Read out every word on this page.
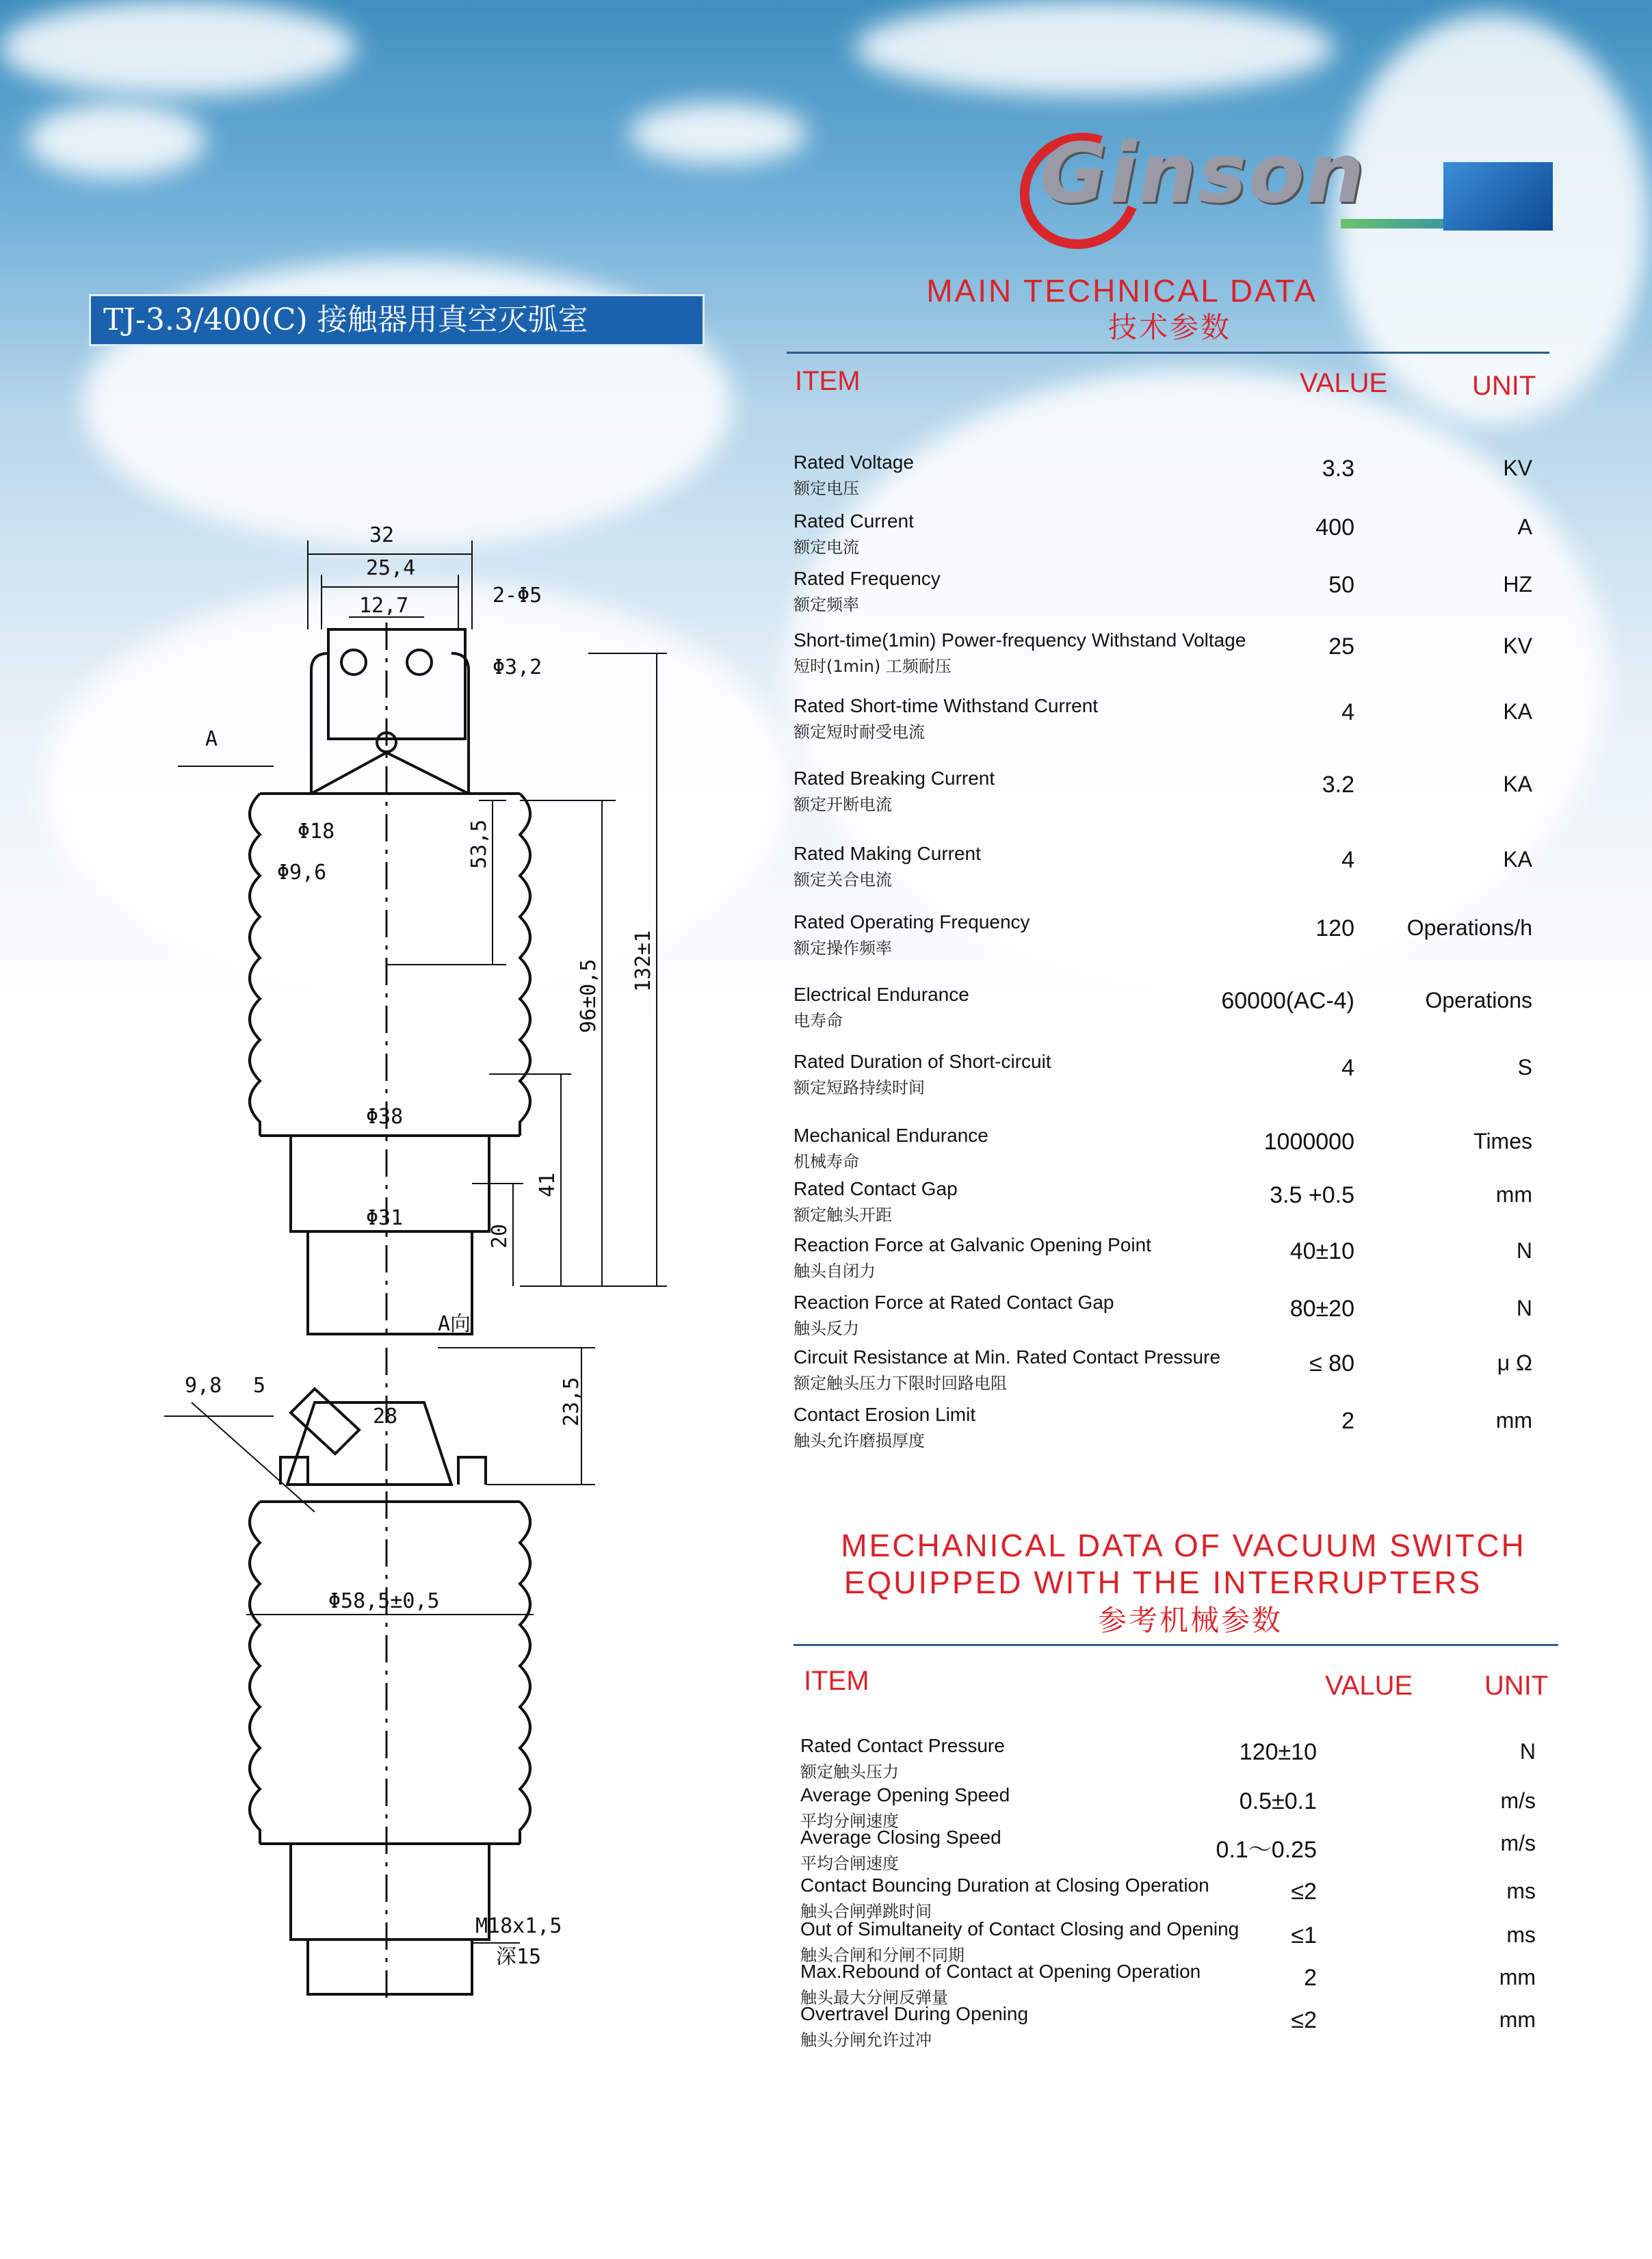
Ginson
TJ-3.3/400(C) 接触器用真空灭弧室
MAIN TECHNICAL DATA
技术参数
ITEM	VALUE	UNIT
Rated Voltage
额定电压
3.3	KV
Rated Current
额定电流
400	A
Rated Frequency
额定频率
50	HZ
Short-time(1min) Power-frequency Withstand Voltage
短时(1min) 工频耐压
25	KV
Rated Short-time Withstand Current
额定短时耐受电流
4	KA
Rated Breaking Current
额定开断电流
3.2	KA
Rated Making Current
额定关合电流
4	KA
Rated Operating Frequency
额定操作频率
120 Operations/h
Electrical Endurance
电寿命
60000(AC-4)	Operations
Rated Duration of Short-circuit
额定短路持续时间
4	S
Mechanical Endurance
机械寿命
1000000	Times
Rated Contact Gap
额定触头开距
3.5 +0.5	mm
Reaction Force at Galvanic Opening Point
触头自闭力
40±10	N
Reaction Force at Rated Contact Gap
触头反力
80±20	N
Circuit Resistance at Min. Rated Contact Pressure
额定触头压力下限时回路电阻
≤ 80	μ Ω
Contact Erosion Limit
触头允许磨损厚度
2	mm
MECHANICAL DATA OF VACUUM SWITCH
EQUIPPED WITH THE INTERRUPTERS
参考机械参数
ITEM	VALUE	UNIT
Rated Contact Pressure
额定触头压力
120±10	N
Average Opening Speed
平均分闸速度
0.5±0.1	m/s
Average Closing Speed
平均合闸速度
0.1～0.25	m/s
Contact Bouncing Duration at Closing Operation
触头合闸弹跳时间
≤2	ms
Out of Simultaneity of Contact Closing and Opening
触头合闸和分闸不同期
≤1	ms
Max.Rebound of Contact at Opening Operation
触头最大分闸反弹量
2	mm
Overtravel During Opening
触头分闸允许过冲
≤2	mm
32
25,4
12,7	2-Φ5
Φ3,2
A
Φ18
Φ9,6
53,5
96±0,5 132±1
Φ38
41
Φ31
20
A向
9,8 5	23,5
28
Φ58,5±0,5
M18x1,5
深15
